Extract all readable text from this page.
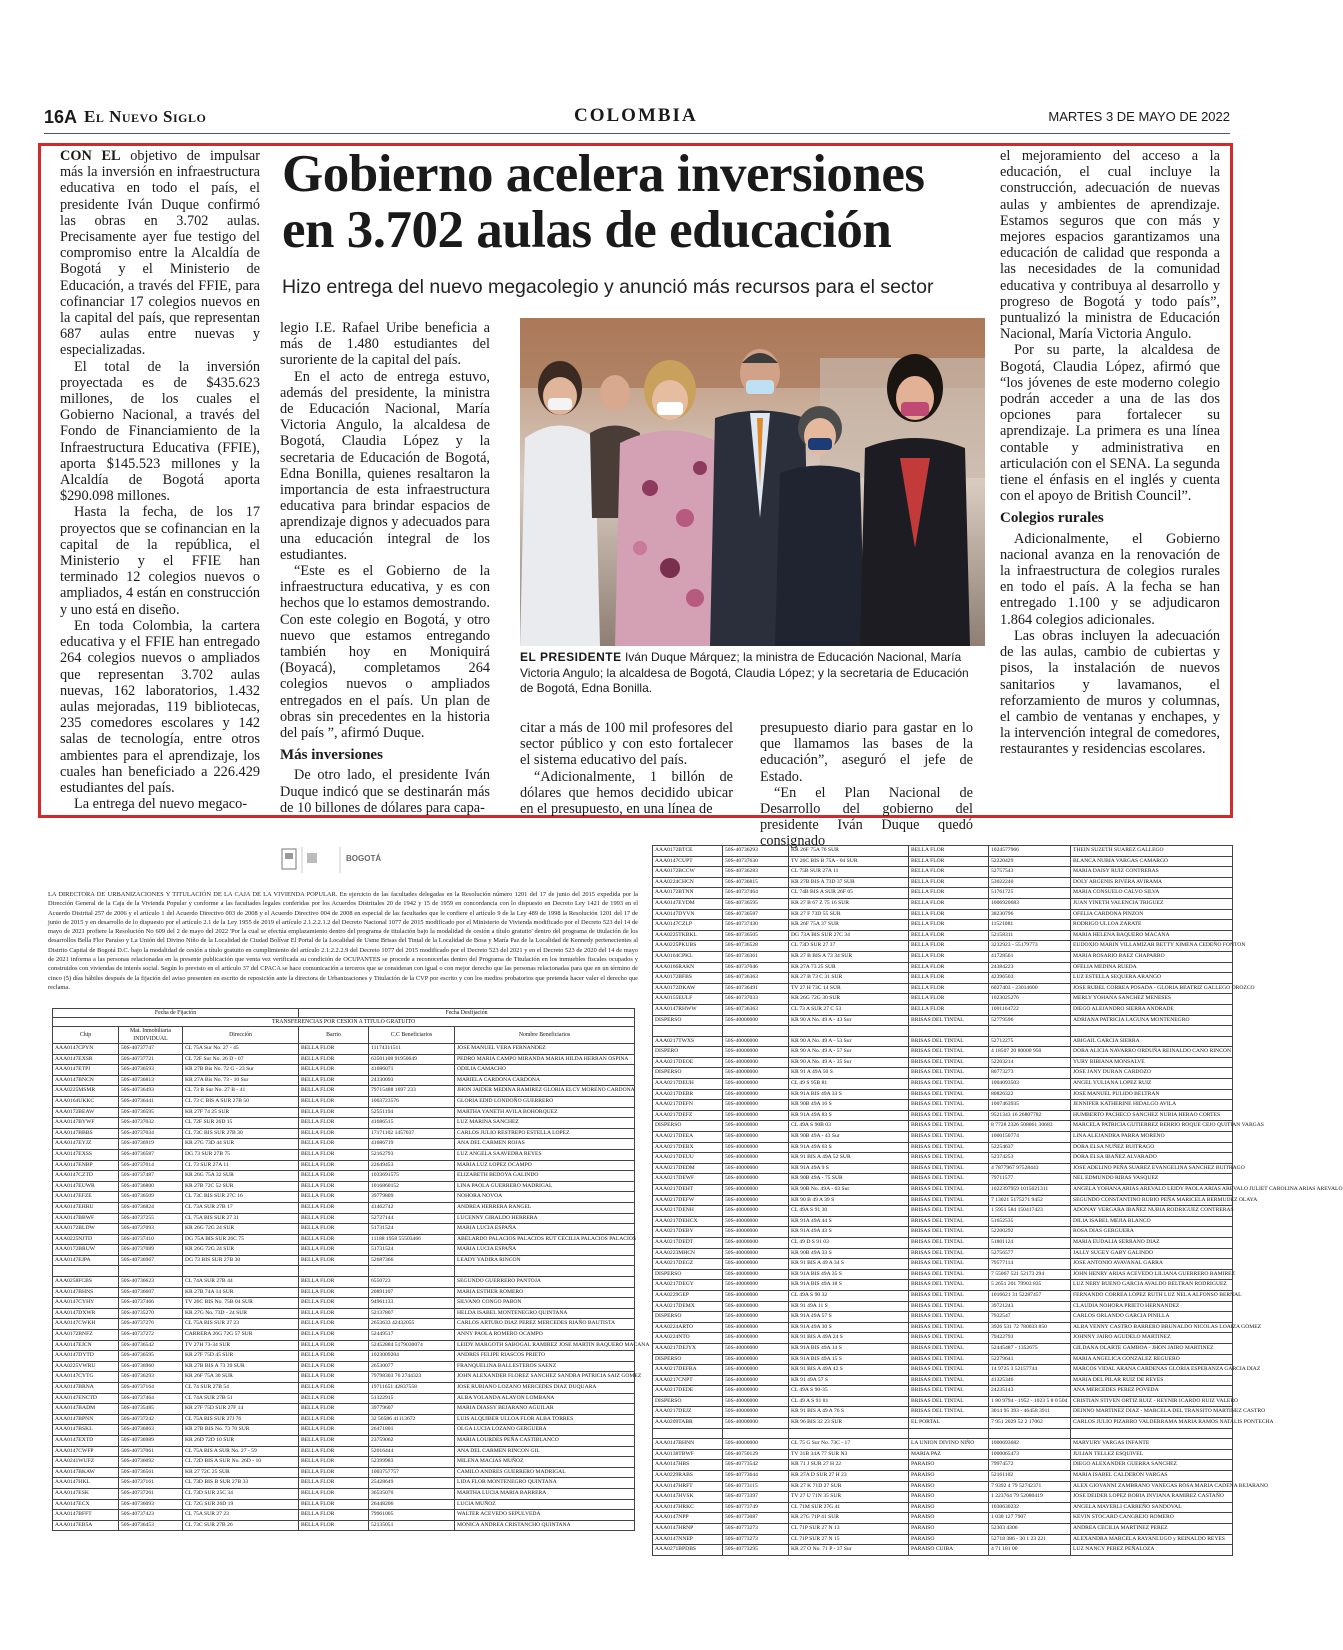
16A El Nuevo Siglo	COLOMBIA	MARTES 3 DE MAYO DE 2022
Gobierno acelera inversiones
en 3.702 aulas de educación
Hizo entrega del nuevo megacolegio y anunció más recursos para el sector

CON EL objetivo de impulsar más la inversión en infraestructura educativa en todo el país, el presidente Iván Duque confirmó las obras en 3.702 aulas. Precisamente ayer fue testigo del compromiso entre la Alcaldía de Bogotá y el Ministerio de Educación, a través del FFIE, para cofinanciar 17 colegios nuevos en la capital del país, que representan 687 aulas entre nuevas y especializadas.

El total de la inversión proyectada es de $435.623 millones, de los cuales el Gobierno Nacional, a través del Fondo de Financiamiento de la Infraestructura Educativa (FFIE), aporta $145.523 millones y la Alcaldía de Bogotá aporta $290.098 millones.

Hasta la fecha, de los 17 proyectos que se cofinancian en la capital de la república, el Ministerio y el FFIE han terminado 12 colegios nuevos o ampliados, 4 están en construcción y uno está en diseño.

En toda Colombia, la cartera educativa y el FFIE han entregado 264 colegios nuevos o ampliados que representan 3.702 aulas nuevas, 162 laboratorios, 1.432 aulas mejoradas, 119 bibliotecas, 235 comedores escolares y 142 salas de tecnología, entre otros ambientes para el aprendizaje, los cuales han beneficiado a 226.429 estudiantes del país.

La entrega del nuevo megaco-

legio I.E. Rafael Uribe beneficia a más de 1.480 estudiantes del suroriente de la capital del país.

En el acto de entrega estuvo, además del presidente, la ministra de Educación Nacional, María Victoria Angulo, la alcaldesa de Bogotá, Claudia López y la secretaria de Educación de Bogotá, Edna Bonilla, quienes resaltaron la importancia de esta infraestructura educativa para brindar espacios de aprendizaje dignos y adecuados para una educación integral de los estudiantes.

“Este es el Gobierno de la infraestructura educativa, y es con hechos que lo estamos demostrando. Con este colegio en Bogotá, y otro nuevo que estamos entregando también hoy en Moniquirá (Boyacá), completamos 264 colegios nuevos o ampliados entregados en el país. Un plan de obras sin precedentes en la historia del país ”, afirmó Duque.

Más inversiones

De otro lado, el presidente Iván Duque indicó que se destinarán más de 10 billones de dólares para capa-

EL PRESIDENTE Iván Duque Márquez; la ministra de Educación Nacional, María Victoria Angulo; la alcaldesa de Bogotá, Claudia López; y la secretaria de Educación de Bogotá, Edna Bonilla.

citar a más de 100 mil profesores del sector público y con esto fortalecer el sistema educativo del país.

“Adicionalmente, 1 billón de dólares que hemos decidido ubicar en el presupuesto, en una línea de

presupuesto diario para gastar en lo que llamamos las bases de la educación”, aseguró el jefe de Estado.

“En el Plan Nacional de Desarrollo del gobierno del presidente Iván Duque quedó consignado

el mejoramiento del acceso a la educación, el cual incluye la construcción, adecuación de nuevas aulas y ambientes de aprendizaje. Estamos seguros que con más y mejores espacios garantizamos una educación de calidad que responda a las necesidades de la comunidad educativa y contribuya al desarrollo y progreso de Bogotá y todo país”, puntualizó la ministra de Educación Nacional, María Victoria Angulo.

Por su parte, la alcaldesa de Bogotá, Claudia López, afirmó que “los jóvenes de este moderno colegio podrán acceder a una de las dos opciones para fortalecer su aprendizaje. La primera es una línea contable y administrativa en articulación con el SENA. La segunda tiene el énfasis en el inglés y cuenta con el apoyo de British Council”.

Colegios rurales

Adicionalmente, el Gobierno nacional avanza en la renovación de la infraestructura de colegios rurales en todo el país. A la fecha se han entregado 1.100 y se adjudicaron 1.864 colegios adicionales.

Las obras incluyen la adecuación de las aulas, cambio de cubiertas y pisos, la instalación de nuevos sanitarios y lavamanos, el reforzamiento de muros y columnas, el cambio de ventanas y enchapes, y la intervención integral de comedores, restaurantes y residencias escolares.

BOGOTÁ
LA DIRECTORA DE URBANIZACIONES Y TITULACIÓN DE LA CAJA DE LA VIVIENDA POPULAR. En ejercicio de las facultades delegadas en la Resolución número 1201 del 17 de junio del 2015 expedida por la Dirección General de la Caja de la Vivienda Popular y conforme a las facultades legales conferidas por los Acuerdos Distritales 20 de 1942 y 15 de 1959 en concordancia con lo dispuesto en Decreto Ley 1421 de 1993 en el Acuerdo Distrital 257 de 2006 y el artículo 1 del Acuerdo Directivo 003 de 2008 y el Acuerdo Directivo 004 de 2008 en especial de las facultades que le confiere el artículo 9 de la Ley 489 de 1998 la Resolución 1201 del 17 de junio de 2015 y en desarrollo de lo dispuesto por el artículo 2.1 de la Ley 1955 de 2019 el artículo 2.1.2.2.1.2 del Decreto Nacional 1077 de 2015 modificado por el Ministerio de Vivienda modificado por el Decreto 523 del 14 de mayo de 2021 profiere la Resolución No 609 del 2 de mayo del 2022 'Por la cual se efectúa emplazamiento dentro del programa de titulación bajo la modalidad de cesión a título gratuito' dentro del programa de titulación de los desarrollos Bella Flor Paraíso y La Unión del Divino Niño de la Localidad de Ciudad Bolívar El Portal de la Localidad de Usme Brisas del Tintal de la Localidad de Bosa y María Paz de la Localidad de Kennedy pertenecientes al Distrito Capital de Bogotá D.C. bajo la modalidad de cesión a título gratuito en cumplimiento del artículo 2.1.2.2.2.9 del Decreto 1077 del 2015 modificado por el Decreto 523 del 2021 y en el Decreto 523 de 2020 del 14 de mayo de 2021 informa a las personas relacionadas en la presente publicación que venta vez verificada su condición de OCUPANTES se procede a reconocerlas dentro del Programa de Titulación en los inmuebles fiscales ocupados y construidos con viviendas de interés social. Según lo previsto en el artículo 37 del CPACA se hace comunicación a terceros que se consideran con igual o con mejor derecho que las personas relacionadas para que en un término de cinco (5) días hábiles después de la fijación del aviso presenten en escrito de reposición ante la directora de Urbanizaciones y Titulación de la CVP por escrito y con los medios probatorios que pretenda hacer valer el derecho que reclama.
Fecha de Fijación			Fecha Desfijación		
TRANSFERENCIAS POR CESION A TITULO GRATUITO					
Chip	Mat. Inmobiliaria INDIVIDUAL	Dirección	Barrio	C.C Beneficiarios	Nombre Beneficiarios
AAA0147CPYN	50S-40737747	CL 75A Sur No. 27 - 45	BELLA FLOR	11174311511	JOSE MANUEL VERA FERNANDEZ
AAA0147EXSR	50S-40737721	CL 72F Sur No. 26 D - 07	BELLA FLOR	63501108 91950649	PEDRO MARIA CAMPO MIRANDA MARIA HILDA HERRAN OSPINA
AAA0147ETPJ	50S-40736593	KR 27B Bis No. 72 G - 23 Sur	BELLA FLOR	41686071	ODILIA CAMACHO
AAA0147BNCN	50S-40736813	KR 27A Bis No. 73 - 10 Sur	BELLA FLOR	24330093	MARIELA CARDONA CARDONA
AAA0225MSMR	50S-40736493	CL 73 B Sur No. 27 B - 41	BELLA FLOR	79715488 1697 233	JHON JAIDER MEDINA RAMIREZ GLORIA ELCY MORENO CARDONA
AAA0164UKKC	50S-40736441	CL 73 C BIS A SUR 27B 50	BELLA FLOR	1003723576	GLORIA EDID LONDOÑO GUERRERO
AAA0172BEAW	50S-40736595	KR 27F 74 25 SUR	BELLA FLOR	52551194	MARTHA YANETH AVILA BOHORQUEZ
AAA0147BYWF	50S-40737032	CL 72F SUR 26D 15	BELLA FLOR	41686515	LUZ MARINA SANCHEZ
AAA0147BBBS	50S-40737034	CL 73C BIS SUR 27B 30	BELLA FLOR	17171102 1457037	CARLOS JULIO RESTREPO ESTELLA LOPEZ
AAA0147EYJZ	50S-40736919	KR 27G 73D 44 SUR	BELLA FLOR	41686719	ANA DEL CARMEN ROJAS
AAA0147EXSS	50S-40736587	DG 73 SUR 27B 75	BELLA FLOR	52162793	LUZ ANGELA SAAVEDRA REYES
AAA0147ENBP	50S-40737014	CL 73 SUR 27A 11	BELLA FLOR	22649453	MARIA LUZ LOPEZ OCAMPO
AAA0147CZTD	50S-40737487	KR 26G 75A 32 SUR	BELLA FLOR	1033691575	ELIZABETH BEDOYA GALINDO
AAA0147EUWR	50S-40736800	KR 27B 72C 52 SUR	BELLA FLOR	1016860152	LINA PAOLA GUERRERO MADRIGAL
AAA0147EFZE	50S-40736509	CL 73C BIS SUR 27C 16	BELLA FLOR	39779809	NOHORA NOVOA
AAA0147EHRU	50S-40736824	CL 73A SUR 27B 17	BELLA FLOR	41462742	ANDREA HERRERA RANGEL
AAA0147BBWF	50S-40737255	CL 75A BIS SUR 27 31	BELLA FLOR	52727144	LUCENNY GIRALDO HERRERA
AAA0172BLDW	50S-40737093	KR 26G 72G 24 SUR	BELLA FLOR	51731524	MARIA LUCIA ESPAÑA
AAA0225NJTD	50S-40737410	DG 75A BIS SUR 26C 75	BELLA FLOR	11188 1958 55503466	ABELARDO PALACIOS PALACIOS RUT CECILIA PALACIOS PALACIOS
AAA0172BRUW	50S-40737089	KR 26G 72G 24 SUR	BELLA FLOR	51731524	MARIA LUCIA ESPAÑA
AAA0147EJPA	50S-40736967	DG 73 BIS SUR 27B 30	BELLA FLOR	52687366	LEADY YADIRA RINCON

AAA0258FCBS	50S-40736623	CL 74A SUR 27B 44	BELLA FLOR	6550723	SEGUNDO GUERRERO PANTOJA
AAA0147BHNS	50S-40736607	KR 27B 74A 14 SUR	BELLA FLOR	20891107	MARIA ESTHER ROMERO
AAA0147CYHY	50S-40737466	TV 26C BIS No. 75B 04 SUR	BELLA FLOR	94961133	SILVANO CONGO PABON
AAA0147DXWR	50S-40735270	KR 27G No. 73D - 24 SUR	BELLA FLOR	52137807	HELDA ISABEL MONTENEGRO QUINTANA
AAA0147CWKH	50S-40737276	CL 75A BIS SUR 27 23	BELLA FLOR	2653633 42432055	CARLOS ARTURO DIAZ PEREZ MERCEDES RIAÑO BAUTISTA
AAA0172BNFZ	50S-40737272	CARRERA 26G 72G 57 SUR	BELLA FLOR	52449517	ANNY PAOLA ROMERO OCAMPO
AAA0147EJCN	50S-40736542	TV 27H 73-34 SUR	BELLA FLOR	52452884 5179030074	LEIDY MARGOTH SABOGAL RAMIREZ JOSE MARTIN BAQUERO MACANA
AAA0147DYTD	50S-40736595	KR 27F 75D 45 SUR	BELLA FLOR	1023009204	ANDRES FELIPE RIASCOS PRIETO
AAA0225VWRU	50S-40736960	KR 27B BIS A 73 39 SUR	BELLA FLOR	26530077	FRANQUELINA BALLESTEROS SAENZ
AAA0147CYTG	50S-40736293	KR 26F 75A 30 SUR	BELLA FLOR	79798303 76 2744323	JOHN ALEXANDER FLOREZ SANCHEZ SANDRA PATRICIA SAIZ GOMEZ
AAA0147BRNA	50S-40737164	CL 74 SUR 27B 54	BELLA FLOR	19711651 42837558	JOSE RUBIANO LOZANO MERCEDES DIAZ DUQUARA
AAA0147ENCTD	50S-40737464	CL 74A SUR 27B 51	BELLA FLOR	51322915	ALBA YOLANDA ALAYON LOMBANA
AAA0147BADM	50S-40735485	KR 27F 75D SUR 27F 14	BELLA FLOR	39779607	MARIA DIASSY BEJARANO AGUILAR
AAA0147BPNN	50S-40737242	CL 75A BIS SUR 27J 76	BELLA FLOR	32 56586 41113672	LUIS ALQUIBER ULLOA FLOR ALBA TORRES
AAA0147BSKL	50S-40736863	KR 27B BIS No. 73 70 SUR	BELLA FLOR	26471801	OLGA LUCIA LOZANO GERGUERA
AAA0147EXTD	50S-40736989	KR 26D 72D 10 SUR	BELLA FLOR	23759062	MARIA LOURDES PEÑA CASTIBLANCO
AAA0147CWFP	50S-40737061	CL 75A BIS A SUR No. 27 - 59	BELLA FLOR	52016444	ANA DEL CARMEN RINCON GIL
AAA0241WUFZ	50S-40736092	CL 72D BIS A SUR No. 26D - 10	BELLA FLOR	52399983	MILENA MACIAS MUÑOZ
AAA0147BKAW	50S-40736561	KR 27 72C 25 SUR	BELLA FLOR	1003757757	CAMILO ANDRES GUERRERO MADRIGAL
AAA0147HKL	50S-40737161	CL 73D BIS B SUR 27B 33	BELLA FLOR	25428649	LIDA FLOR MONTENEGRO QUINTANA
AAA0147ESK	50S-40737261	CL 73D SUR 25C 34	BELLA FLOR	36535070	MARTHA LUCIA MARIA BARRERA
AAA0147ECX	50S-40736093	CL 72G SUR 26D 19	BELLA FLOR	26448206	LUCIA MUÑOZ
AAA0147BFFT	50S-40737423	CL 75A SUR 27 23	BELLA FLOR	79961005	WALTER ACEVEDO SEPULVEDA
AAA0147EB5A	50S-40736453	CL 73C SUR 27B 26	BELLA FLOR	52135051	MONICA ANDREA CRISTANCHO QUINTANA
AAA0172BTCE	50S-40736293	KR 26F 75A 76 SUR	BELLA FLOR	1024577966	THEIN SUZETH SUAREZ GALLEGO
AAA0147CUPT	50S-40737630	TV 26C BIS B 75A - 04 SUR	BELLA FLOR	52220429	BLANCA NUBIA VARGAS CAMARGO
AAA0172BCCW	50S-40736283	CL 75B SUR 27A 11	BELLA FLOR	52757543	MARIA DAISY RUIZ CONTRERAS
AAA0224CHCN	50S-40736815	KR 27B BIS A 73D 37 SUR	BELLA FLOR	53022240	DOLY ARGENIS RIVERA AVIRAMA
AAA0172BTNN	50S-40737464	CL 74B BIS A SUR 26F 05	BELLA FLOR	51761725	MARIA CONSUELO CALVO SILVA
AAA0147EYDM	50S-40736595	KR 27 B 67 Z 75 16 SUR	BELLA FLOR	1006920683	JUAN YINETH VALENCIA TRIGUEZ
AAA0147DYVN	50S-40736587	KR 27 F 73D 55 SUR	BELLA FLOR	38230796	OFELIA CARDONA PINZON
AAA0147CZLP	50S-40737430	KR 26F 75A 37 SUR	BELLA FLOR	11521081	RODRIGO ULLOA ZARATE
AAA0225TKBKL	50S-40736505	DG 73A BIS SUR 27C 34	BELLA FLOR	52158311	MARIA HELENA BAQUERO MACANA
AAA0225PKUBS	50S-40736528	CL 73D SUR 27 37	BELLA FLOR	3232923 - 55179773	EUDOXIO MARIN VILLAMIZAR BETTY XIMENA CEDEÑO FONTON
AAA0164CPKL	50S-40736361	KR 27 B BIS A 73 34 SUR	BELLA FLOR	41728561	MARIA ROSARIO BAEZ CHAPARRO
AAA0166RAKN	50S-40737046	KR 27A 73 25 SUR	BELLA FLOR	24384223	OFELIA MEDINA RUEDA
AAA0172BFBS	50S-40736363	KR 27 B 73 C 31 SUR	BELLA FLOR	42396503	LUZ ESTELLA SEQUERA ARANGO
AAA0172DKAW	50S-40736491	TV 27 H 73C 14 SUR	BELLA FLOR	6027403 - 23014600	JOSE RUBEL CORREA POSADA - GLORIA BEATRIZ GALLEGO OROZCO
AAA0155EULF	50S-40737033	KR 26G 72G 30 SUR	BELLA FLOR	1023025276	MERLY YOHANA SANCHEZ MENESES
AAA0147RHWW	50S-40736363	CL 73 A SUR 27 C 53	BELLA FLOR	1001164722	DIEGO ALEJANDRO SIERRA ANDRADE
DISPERSO	50S-40000000	KR 90 A No. 49 A - 43 Sur	BRISAS DEL TINTAL	52779596	ADRIANA PATRICIA LAGUNA MONTENEGRO

AAA0217TWXS	50S-40000000	KR 90 A No. 49 A - 53 Sur	BRISAS DEL TINTAL	52712275	ABIGAIL GARCIA SIERRA
DISPERO	50S-40000000	KR 90 A No. 49 A - 57 Sur	BRISAS DEL TINTAL	4 18507 20 80000 950	DORA ALICIA NAVARRO ORDUÑA REINALDO CANO RINCON
AAA0217DEOE	50S-40000000	KR 90 A No. 49 A - 35 Sur	BRISAS DEL TINTAL	52203214	YURY BIBIANA MONSALVE
DISPERSO	50S-40000000	KR 91 A 49A 50 S	BRISAS DEL TINTAL	80773273	JOSE JANY DURAN CARDOZO
AAA0217DEUH	50S-40000000	CL 49 S 95B 81	BRISAS DEL TINTAL	1004093503	ANGEL YULIANA LOPEZ RUIZ
AAA0217DEBR	50S-40000000	KR 91A BIS 49A 33 S	BRISAS DEL TINTAL	80826322	JOSE MANUEL PULIDO BELTRAN
AAA0217DEFN	50S-40000000	KR 90B 49A 16 S	BRISAS DEL TINTAL	1007463935	JENNIFER KATHERINE HIDALGO AVILA
AAA0217DEFZ	50S-40000000	KR 91A 49A 83 S	BRISAS DEL TINTAL	9521343 16 26807782	HUMBERTO PACHECO SANCHEZ NUBIA HERAO CORTES
DISPERSO	50S-40000000	CL 49A S 90B 03	BRISAS DEL TINTAL	8 7728 2326 508061 30683	MARCELA PATRICIA GUTIERREZ BERRIO ROQUE CEJO QUITIAN VARGAS
AAA0217DEEA	50S-40000000	KR 90B 49A - 43 Sur	BRISAS DEL TINTAL	1000150774	LINA ALEJANDRA PARRA MORENO
AAA0217DEBX	50S-40000000	KR 91A 49A 63 S	BRISAS DEL TINTAL	52254637	DORA ELSA NUÑEZ BUITRAGO
AAA0217DEUU	50S-40000000	KR 91 BIS A 49A 52 SUR	BRISAS DEL TINTAL	52374253	DORA ELSA IBAÑEZ ALVARADO
AAA0217DEDM	50S-40000000	KR 91A 49A 9 S	BRISAS DEL TINTAL	4 7877967 97528443	JOSE ADELINO PEÑA SUAREZ EVANGELINA SANCHEZ BUITRAGO
AAA0217DEWF	50S-40000000	KR 90B 49A - 75 SUR	BRISAS DEL TINTAL	79711577	NEL EDMUNDO RIBAS VASQUEZ
AAA0217DEHT	50S-40000000	KR 90B No. 49A - 63 Sur	BRISAS DEL TINTAL	1022397959 1015621311	ANGELA YOHANA ARIAS AREVALO LEIDY PAOLA ARIAS AREVALO JULIET CAROLINA ARIAS AREVALO
AAA0217DEFW	50S-40000000	KR 90 B 49 A 39 S	BRISAS DEL TINTAL	7 13021 5175271 9452	SEGUNDO CONSTANTINO RUBIO PEÑA MARICELA BERMUDEZ OLAYA
AAA0217DENH	50S-40000000	CL 49A S 91 30	BRISAS DEL TINTAL	1 5951 584 150417423	ADONAY VERGARA IBAÑEZ NUBIA RODRIGUEZ CONTRERAS
AAA0217DEHCX	50S-40000000	KR 91A 49A 44 S	BRISAS DEL TINTAL	51652535	DILIA ISABEL MEJIA BLANCO
AAA0217DEBY	50S-40000000	KR 91A 49A 43 S	BRISAS DEL TINTAL	52200292	ROSA DIAS GERGUERA
AAA0217DEDT	50S-40000000	CL 49 D S 91 03	BRISAS DEL TINTAL	51801124	MARIA EUDALIA SERRANO DIAZ
AAA0223MHCN	50S-40000000	KR 90B 49A 33 S	BRISAS DEL TINTAL	52756577	JALLY SUGEY GABY GALINDO
AAA0217DEGZ	50S-40000000	KR 91 BIS A 49 A 34 S	BRISAS DEL TINTAL	79577114	JOSE ANTONIO AVAVANAL GARRA
DISPERSO	50S-40000000	KR 91A BIS 49A 35 S	BRISAS DEL TINTAL	7 55067 521 52173 294	JOHN HENRY ARIAS ACEVEDO LILIANA GUERRERO RAMIREZ
AAA0217DEGY	50S-40000000	KR 91A BIS 49A 18 S	BRISAS DEL TINTAL	5 2651 201 79903 835	LUZ NERY BUENO GARCIA AVALDO BELTRAN RODRIGUEZ
AAA0229GEP	50S-40000000	CL 49A S 90 32	BRISAS DEL TINTAL	1016621 31 52287457	FERNANDO CORREA LOPEZ RUTH LUZ NELA ALFONSO BERNAL
AAA0217DEMX	50S-40000000	KR 91 49A 11 S	BRISAS DEL TINTAL	39721243	CLAUDIA NOHORA PRIETO HERNANDEZ
DISPERSO	50S-40000000	KR 91A 49A 57 S	BRISAS DEL TINTAL	7932547	CARLOS ORLANDO GARCIA PINILLA
AAA0224ARTO	50S-40000000	KR 91A 49A 30 S	BRISAS DEL TINTAL	3926 531 72 780033 850	ALBA YENNY CASTRO BARRERO BRUNALDO NICOLAS LOAIZA GOMEZ
AAA0224NTO	50S-40000000	KR 91 BIS A 49A 24 S	BRISAS DEL TINTAL	79422793	JOHNNY JAIRO AGUDELO MARTINEZ
AAA0217DEJYX	50S-40000000	KR 91A BIS 49A 14 S	BRISAS DEL TINTAL	52445487 - 1352675	GILDANA OLARTE GAMBOA - JHON JAIRO MARTINEZ
DISPERSO	50S-40000000	KR 91A BIS 49A 15 S	BRISAS DEL TINTAL	52279641	MARIA ANGELICA GONZALEZ REGUERO
AAA0217DEFRA	50S-40000000	KR 91 BIS A 49A 42 S	BRISAS DEL TINTAL	14 9725 3 52157744	MARCOS VIDAL ARANA CARDENAS GLORIA ESPERANZA GARCIA DIAZ
AAA0217CNPT	50S-40000000	KR 91 49A 57 S	BRISAS DEL TINTAL	41325346	MARIA DEL PILAR RUIZ DE REYES
AAA0217DEDE	50S-40000000	CL 49A S 90-35	BRISAS DEL TINTAL	24235143	ANA MERCEDES PEREZ POVEDA
DISPERSO	50S-40000000	CL 49 A S 91 81	BRISAS DEL TINTAL	1 80 9794 - 1952 - 1023 5 8 0 504	CRISTIAN STIVEN ORTIZ RUIZ - REYNIR ICARDO RUIZ VALERO
AAA0217DEJZ	50S-40000000	KR 91 BIS A 49 A 76 S	BRISAS DEL TINTAL	3014 95 393 - 46458 3911	DEINNO MARTINEZ DIAZ - MARCELA DEL TRANSITO MARTINEZ CASTRO
AAA0209TABR	50S-40000000	KR 96 BIS 32 23 SUR	EL PORTAL	7 951 2029 52 2 17062	CARLOS JULIO PIZARRO VALDERRAMA MARIA RAMOS NATALIS PONTECHA

AAA0147BHNN	50S-40000000	CL 75 G Sur No. 73C - 17	LA UNION DIVINO NIÑO	1000693682	MARYURY VARGAS INFANTE
AAA0138TBWF	50S-40750129	TV 31B 34A 77 SUR N3	MARIA PAZ	1000065473	JULIAN TELLEZ ESQUIVEL
AAA0147HBS	50S-40773542	KR 71 J SUR 27 H 22	PARAISO	79974572	DIEGO ALEXANDER GUERRA SANCHEZ
AAA0229RABS	50S-40773644	KR 27A D SUR 27 H 23	PARAISO	52161102	MARIA ISABEL CALDERON VARGAS
AAA0147HRFT	50S-40773115	KR 27 K 71D 27 SUR	PARAISO	7 9392 4 79 52742371	ALEX GIOVANNI ZAMBRANO VANEGAS ROSA MARIA CADENA BEJARANO
AAA0147HVSK	50S-40773397	TV 27 U 71N 35 SUR	PARAISO	1 223764 79 52080419	JOSE DEIDER LOPEZ BOBIA INVIANA RAMIREZ CASTAÑO
AAA0147HRKC	50S-40773749	CL 71M SUR 27G 41	PARAISO	1030630232	ANGELA MAYERLI CARREÑO SANDOVAL
AAA0147NPP	50S-40773087	KR 27G 71P 41 SUR	PARAISO	1 030 127 7907	KEVIN STOCARD CANGREJO ROMERO
AAA0147HRNP	50S-40773273	CL 71P SUR 27 N 13	PARAISO	52303 4306	ANDREA CECILIA MARTINEZ PEREZ
AAA0147NNEP	50S-40773273	CL 71P SUR 27 N 15	PARAISO	52718 386 - 30 1 23 221	ALEXANDRA MARCELA RAYANLUGO y REINALDO REYES
AAA0271BPDBS	50S-40773295	KR 27 O No. 71 P - 37 Sur	PARAISO CUIBA	4 71 181 00	LUZ NANCY PEREZ PEÑALOZA
